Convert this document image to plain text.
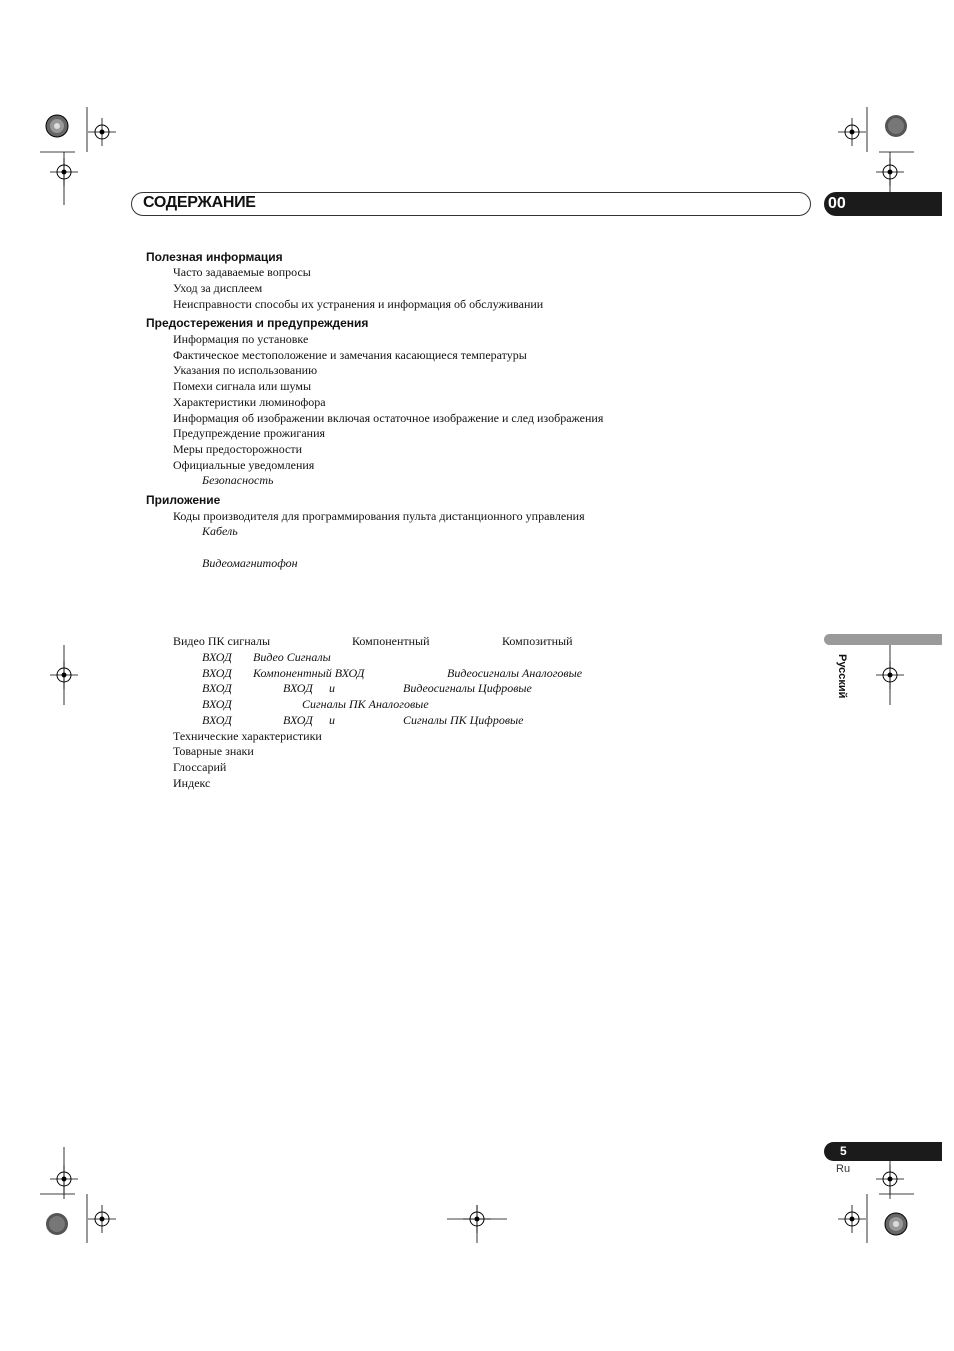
СОДЕРЖАНИЕ	00
Полезная информация
Часто задаваемые вопросы
Уход за дисплеем
Неисправности способы их устранения и информация об обслуживании
Предостережения и предупреждения
Информация по установке
Фактическое местоположение и замечания касающиеся температуры
Указания по использованию
Помехи сигнала или шумы
Характеристики люминофора
Информация об изображении включая остаточное изображение и след изображения
Предупреждение прожигания
Меры предосторожности
Официальные уведомления
Безопасность
Приложение
Коды производителя для программирования пульта дистанционного управления
Кабель
Видеомагнитофон
Видео ПК сигналы	Компонентный	Композитный
ВХОД Видео Сигналы
ВХОД Компонентный ВХОД	Видеосигналы Аналоговые
ВХОД	ВХОД и	Видеосигналы Цифровые
ВХОД	Сигналы ПК Аналоговые
ВХОД	ВХОД и	Сигналы ПК Цифровые
Технические характеристики
Товарные знаки
Глоссарий
Индекс
Русский
5
Ru
